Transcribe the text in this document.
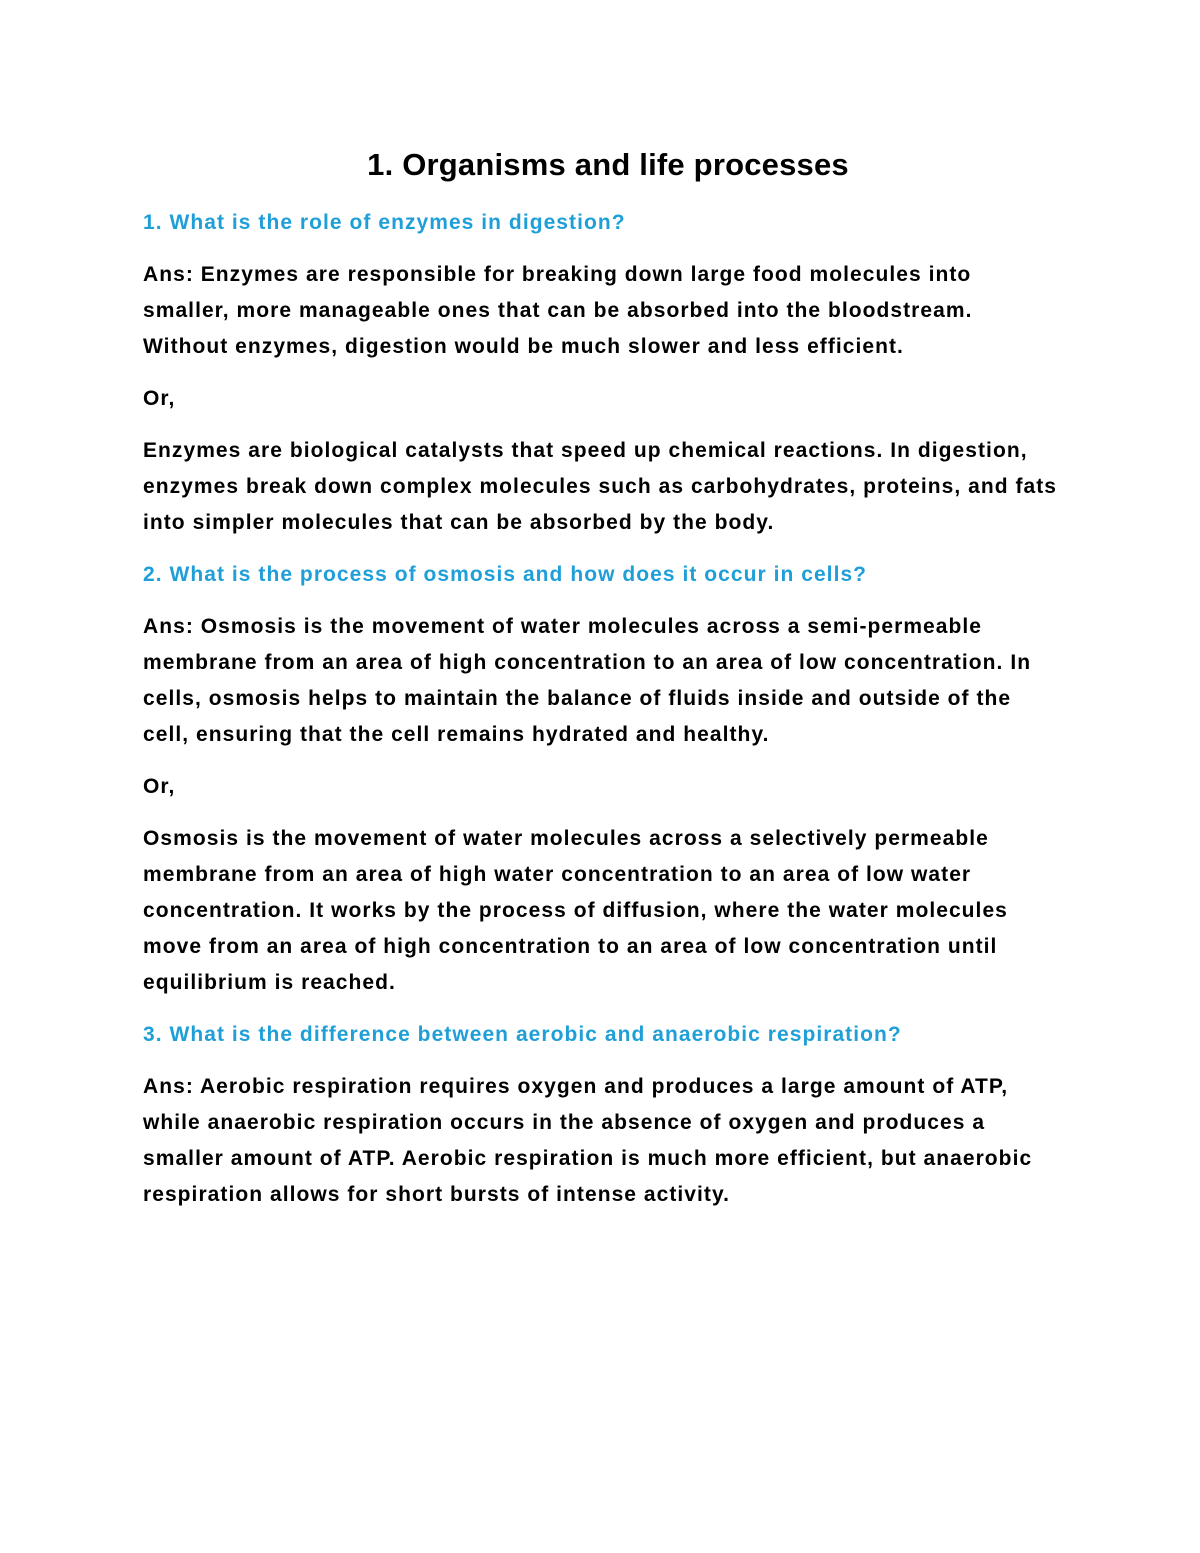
1. Organisms and life processes

1. What is the role of enzymes in digestion?

Ans: Enzymes are responsible for breaking down large food molecules into smaller, more manageable ones that can be absorbed into the bloodstream. Without enzymes, digestion would be much slower and less efficient.

Or,

Enzymes are biological catalysts that speed up chemical reactions. In digestion, enzymes break down complex molecules such as carbohydrates, proteins, and fats into simpler molecules that can be absorbed by the body.

2. What is the process of osmosis and how does it occur in cells?

Ans: Osmosis is the movement of water molecules across a semi-permeable membrane from an area of high concentration to an area of low concentration. In cells, osmosis helps to maintain the balance of fluids inside and outside of the cell, ensuring that the cell remains hydrated and healthy.

Or,

Osmosis is the movement of water molecules across a selectively permeable membrane from an area of high water concentration to an area of low water concentration. It works by the process of diffusion, where the water molecules move from an area of high concentration to an area of low concentration until equilibrium is reached.

3. What is the difference between aerobic and anaerobic respiration?

Ans: Aerobic respiration requires oxygen and produces a large amount of ATP, while anaerobic respiration occurs in the absence of oxygen and produces a smaller amount of ATP. Aerobic respiration is much more efficient, but anaerobic respiration allows for short bursts of intense activity.
